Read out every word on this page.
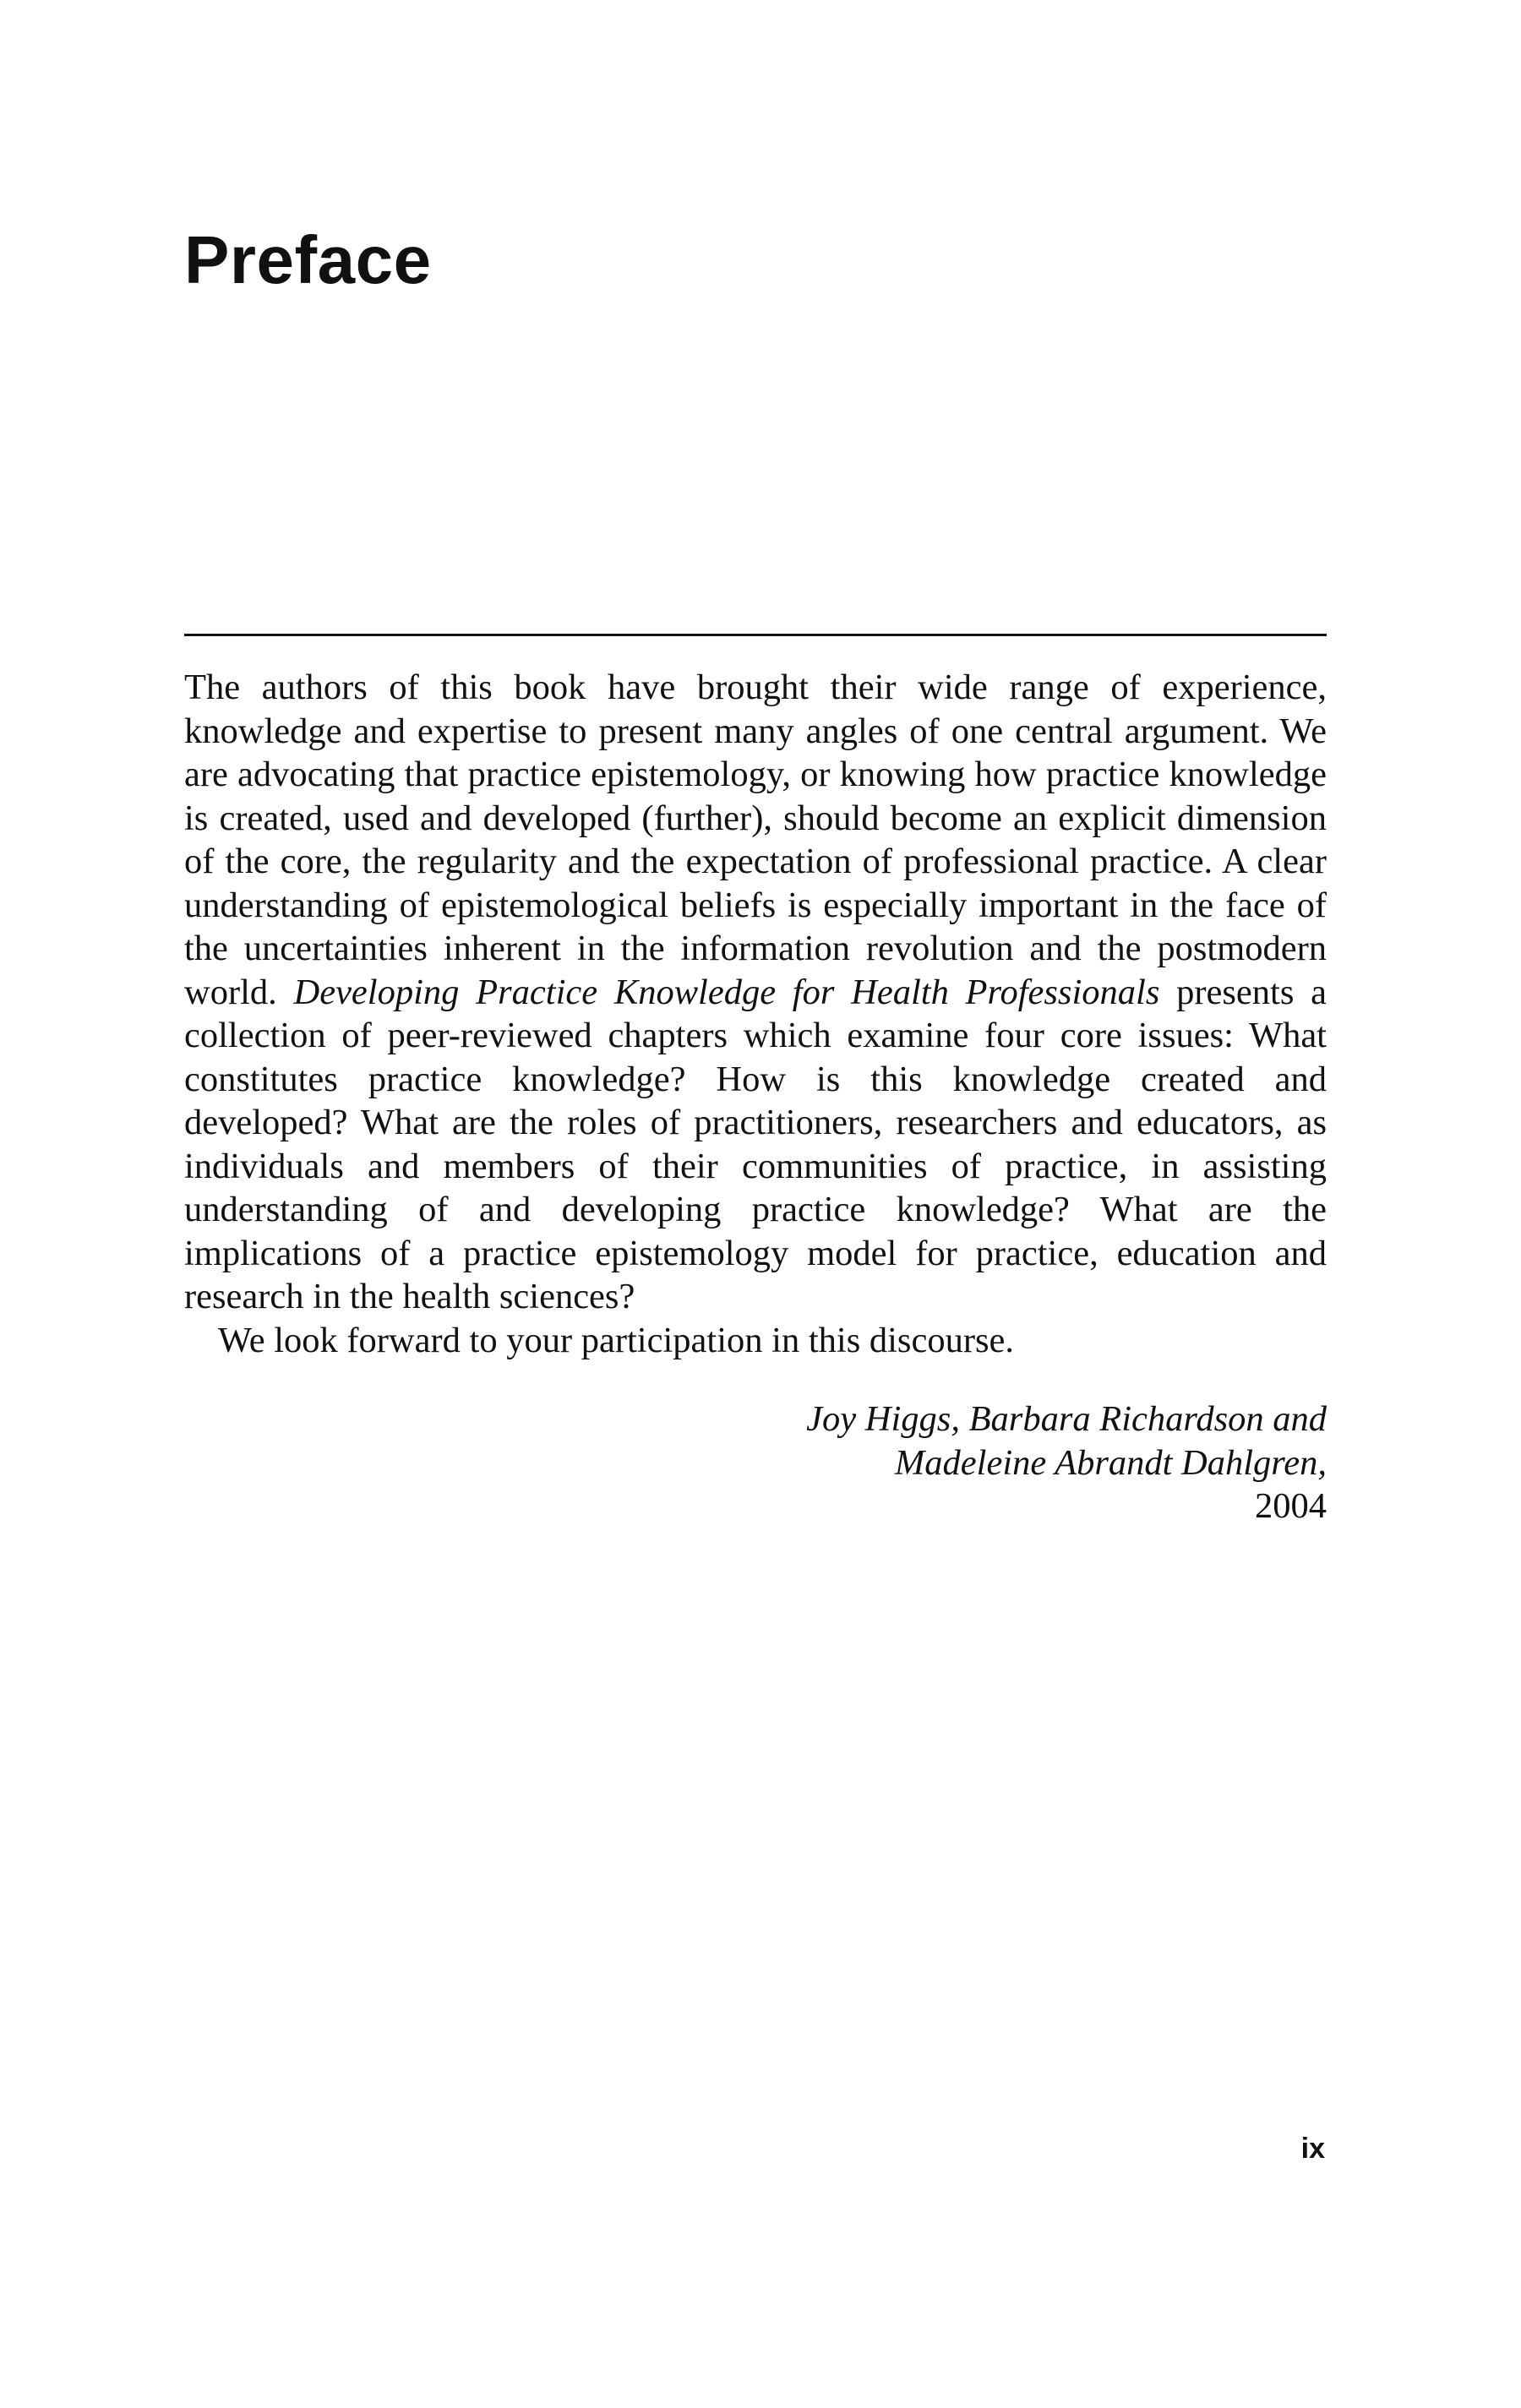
Preface

The authors of this book have brought their wide range of experience, knowledge and expertise to present many angles of one central argument. We are advocating that practice epistemology, or knowing how practice knowledge is created, used and developed (further), should become an explicit dimension of the core, the regularity and the expectation of professional practice. A clear understanding of epistemological beliefs is especially important in the face of the uncertainties inherent in the information revolution and the postmodern world. Developing Practice Knowledge for Health Professionals presents a collection of peer-reviewed chapters which examine four core issues: What constitutes practice knowledge? How is this knowledge created and developed? What are the roles of practitioners, researchers and educators, as individuals and members of their communities of practice, in assisting understanding of and developing practice knowledge? What are the implications of a practice epistemology model for practice, education and research in the health sciences?

We look forward to your participation in this discourse.

Joy Higgs, Barbara Richardson and
Madeleine Abrandt Dahlgren,
2004
ix
